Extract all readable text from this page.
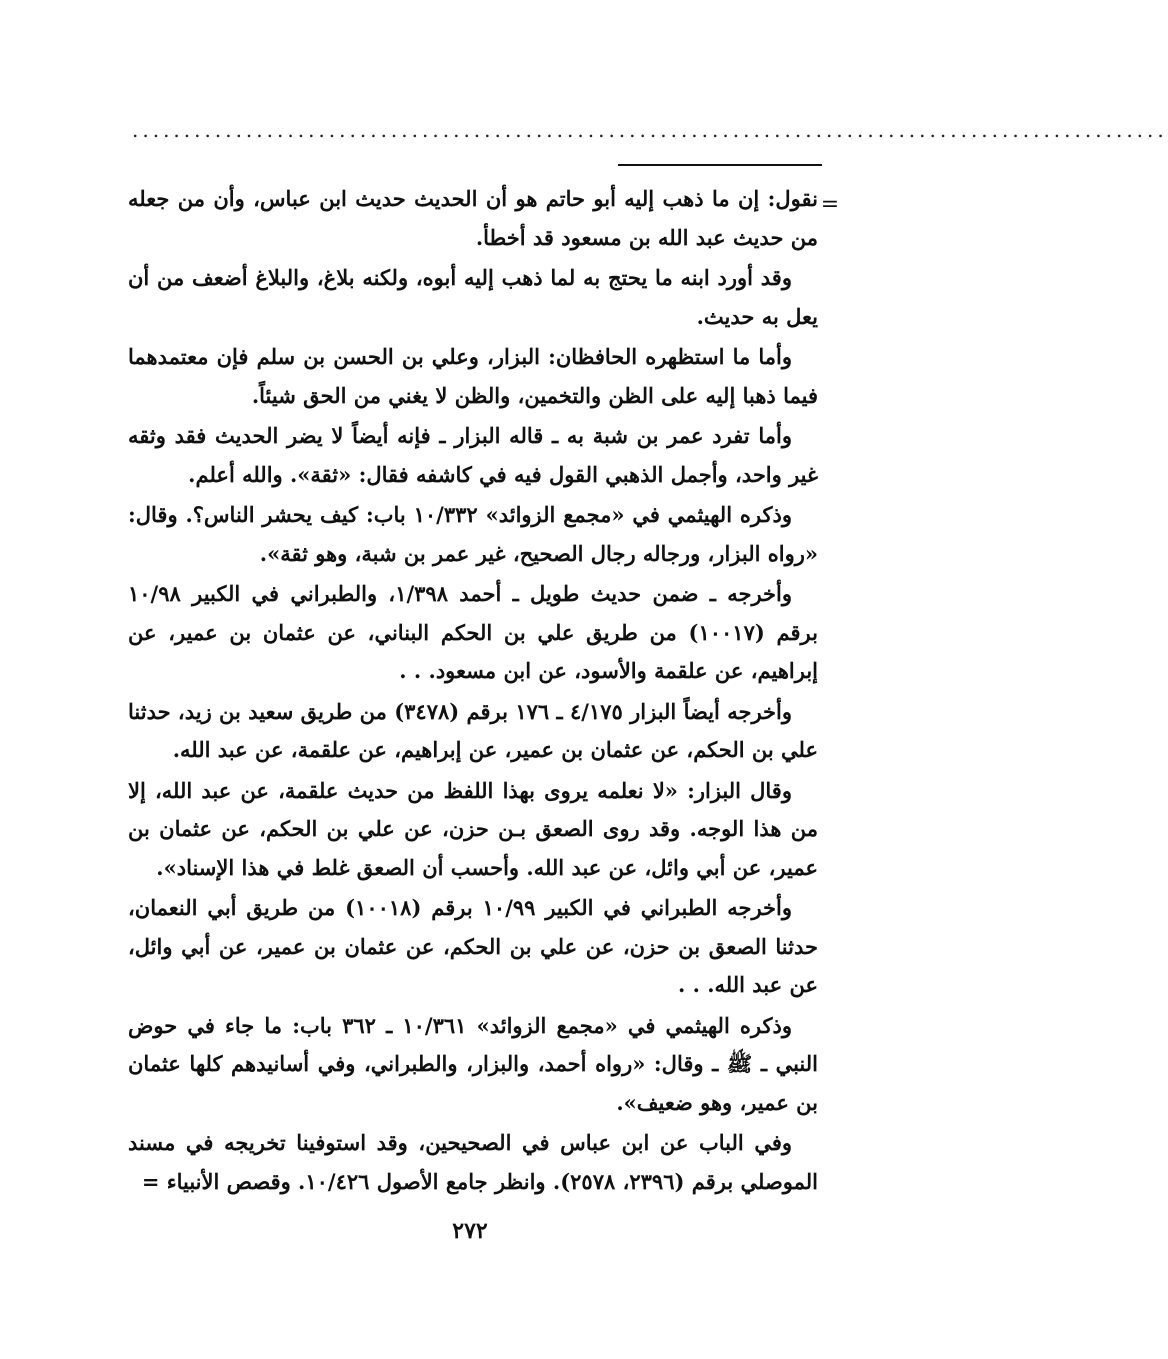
....................................................................................................
=

نقول: إن ما ذهب إليه أبو حاتم هو أن الحديث حديث ابن عباس، وأن من جعله من حديث عبد الله بن مسعود قد أخطأ.

وقد أورد ابنه ما يحتج به لما ذهب إليه أبوه، ولكنه بلاغ، والبلاغ أضعف من أن يعل به حديث.

وأما ما استظهره الحافظان: البزار، وعلي بن الحسن بن سلم فإن معتمدهما فيما ذهبا إليه على الظن والتخمين، والظن لا يغني من الحق شيئاً.

وأما تفرد عمر بن شبة به ـ قاله البزار ـ فإنه أيضاً لا يضر الحديث فقد وثقه غير واحد، وأجمل الذهبي القول فيه في كاشفه فقال: «ثقة». والله أعلم.

وذكره الهيثمي في «مجمع الزوائد» ١٠/٣٣٢ باب: كيف يحشر الناس؟. وقال: «رواه البزار، ورجاله رجال الصحيح، غير عمر بن شبة، وهو ثقة».

وأخرجه ـ ضمن حديث طويل ـ أحمد ١/٣٩٨، والطبراني في الكبير ١٠/٩٨ برقم (١٠٠١٧) من طريق علي بن الحكم البناني، عن عثمان بن عمير، عن إبراهيم، عن علقمة والأسود، عن ابن مسعود. . .

وأخرجه أيضاً البزار ٤/١٧٥ ـ ١٧٦ برقم (٣٤٧٨) من طريق سعيد بن زيد، حدثنا علي بن الحكم، عن عثمان بن عمير، عن إبراهيم، عن علقمة، عن عبد الله.

وقال البزار: «لا نعلمه يروى بهذا اللفظ من حديث علقمة، عن عبد الله، إلا من هذا الوجه. وقد روى الصعق بـن حزن، عن علي بن الحكم، عن عثمان بن عمير، عن أبي وائل، عن عبد الله. وأحسب أن الصعق غلط في هذا الإسناد».

وأخرجه الطبراني في الكبير ١٠/٩٩ برقم (١٠٠١٨) من طريق أبي النعمان، حدثنا الصعق بن حزن، عن علي بن الحكم، عن عثمان بن عمير، عن أبي وائل، عن عبد الله. . .

وذكره الهيثمي في «مجمع الزوائد» ١٠/٣٦١ ـ ٣٦٢ باب: ما جاء في حوض النبي ـ ﷺ ـ وقال: «رواه أحمد، والبزار، والطبراني، وفي أسانيدهم كلها عثمان بن عمير، وهو ضعيف».

وفي الباب عن ابن عباس في الصحيحين، وقد استوفينا تخريجه في مسند الموصلي برقم (٢٣٩٦، ٢٥٧٨). وانظر جامع الأصول ١٠/٤٢٦. وقصص الأنبياء =

٢٧٢
